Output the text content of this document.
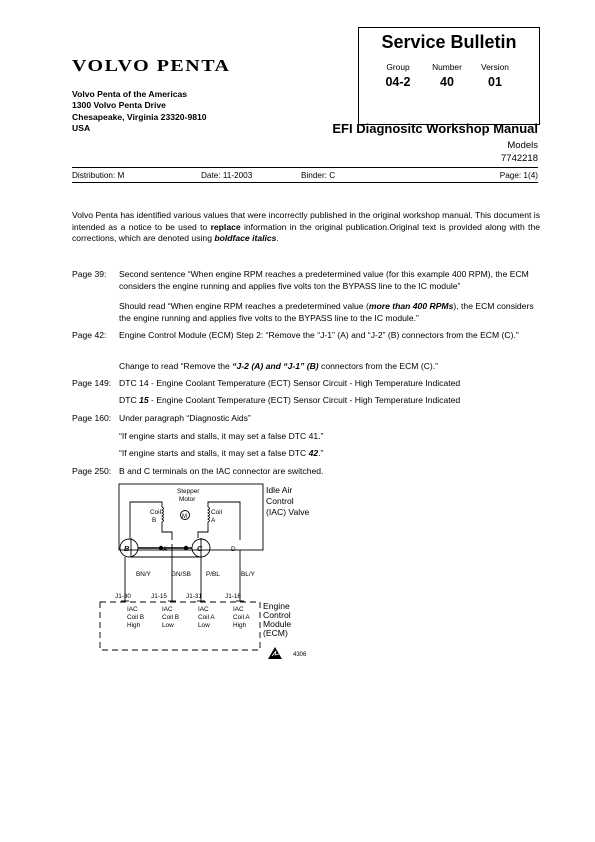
VOLVO PENTA
Volvo Penta of the Americas
1300 Volvo Penta Drive
Chesapeake, Virginia 23320-9810
USA
Service Bulletin
Group
04-2
Number
40
Version
01
EFI Diagnositc Workshop Manual
Models
7742218
Distribution: M	Date: 11-2003	Binder: C	Page: 1(4)
Volvo Penta has identified various values that were incorrectly published in the original workshop manual. This document is intended as a notice to be used to replace information in the original publication.Original text is provided along with the corrections, which are denoted using boldface italics.
Page 39: Second sentence “When engine RPM reaches a predetermined value (for this example 400 RPM), the ECM considers the engine running and applies five volts ton the BYPASS line to the IC module”
Should read “When engine RPM reaches a predetermined value (more than 400 RPMs), the ECM considers the engine running and applies five volts to the BYPASS line to the IC module.”
Page 42: Engine Control Module (ECM) Step 2: “Remove the “J-1” (A) and “J-2” (B) connectors from the ECM (C).”
Change to read “Remove the “J-2 (A) and “J-1” (B) connectors from the ECM (C).”
Page 149: DTC 14 - Engine Coolant Temperature (ECT) Sensor Circuit - High Temperature Indicated
DTC 15 - Engine Coolant Temperature (ECT) Sensor Circuit - High Temperature Indicated
Page 160: Under paragraph “Diagnostic Aids”
“If engine starts and stalls, it may set a false DTC 41.”
“If engine starts and stalls, it may set a false DTC 42.”
Page 250: B and C terminals on the IAC connector are switched.
Stepper
Motor
M
Coil
B
Coil
A
B	A	C	D
BN/Y	GN/SB P/BL	BL/Y
J1-30	J1-15	J1-31	J1-16
IAC
Coil B
High
IAC
Coil B
Low
IAC
Coil A
Low
IAC
Coil A
High
4306
Idle Air
Control
(IAC) Valve
Engine
Control
Module
(ECM)
